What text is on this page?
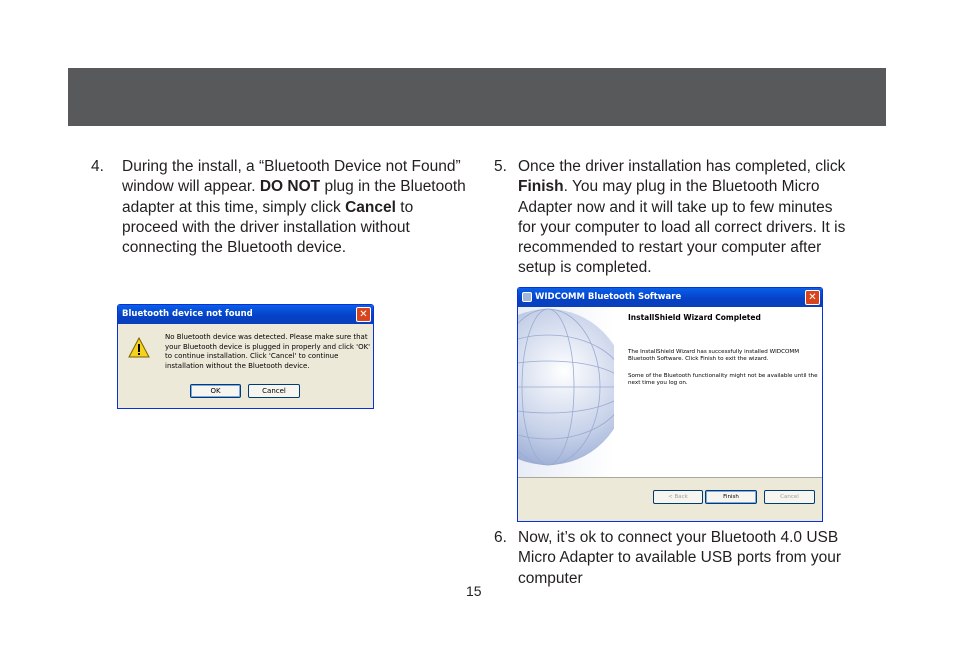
4. During the install, a “Bluetooth Device not Found” window will appear. DO NOT plug in the Bluetooth adapter at this time, simply click Cancel to proceed with the driver installation without connecting the Bluetooth device.
Bluetooth device not found	✕
No Bluetooth device was detected. Please make sure that your Bluetooth device is plugged in properly and click 'OK' to continue installation. Click 'Cancel' to continue installation without the Bluetooth device.
OK	Cancel
5. Once the driver installation has completed, click Finish. You may plug in the Bluetooth Micro Adapter now and it will take up to few minutes for your computer to load all correct drivers. It is recommended to restart your computer after setup is completed.
WIDCOMM Bluetooth Software	✕
InstallShield Wizard Completed
The InstallShield Wizard has successfully installed WIDCOMM Bluetooth Software. Click Finish to exit the wizard.
Some of the Bluetooth functionality might not be available until the next time you log on.
< Back	Finish	Cancel
6. Now, it’s ok to connect your Bluetooth 4.0 USB Micro Adapter to available USB ports from your computer
15
